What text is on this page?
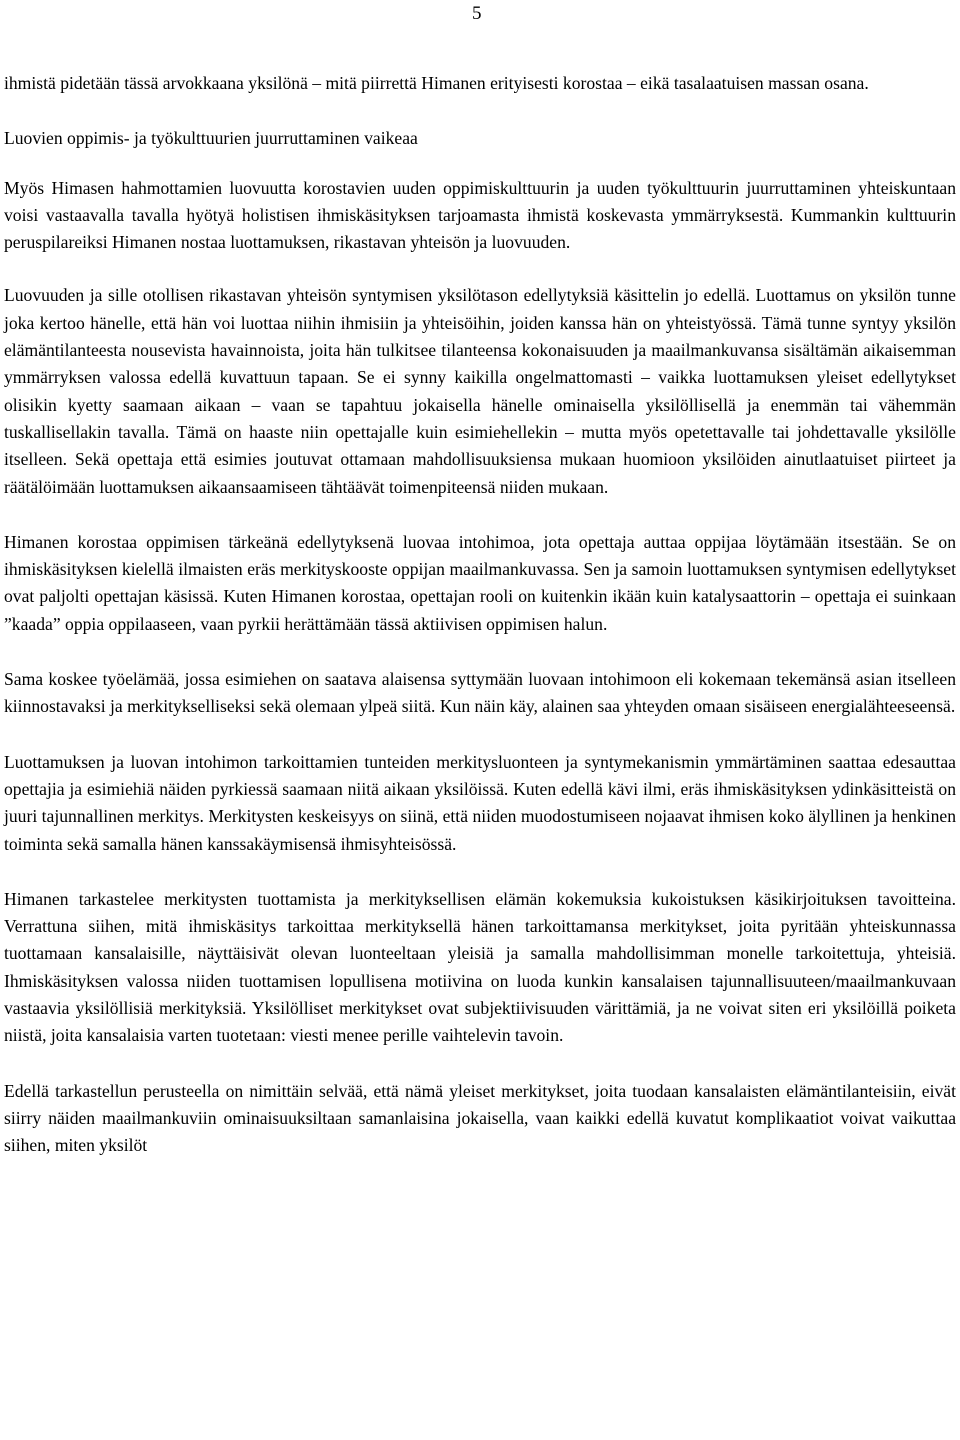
5

ihmistä pidetään tässä arvokkaana yksilönä – mitä piirrettä Himanen erityisesti korostaa – eikä tasalaatuisen massan osana.

Luovien oppimis- ja työkulttuurien juurruttaminen vaikeaa

Myös Himasen hahmottamien luovuutta korostavien uuden oppimiskulttuurin ja uuden työkulttuurin juurruttaminen yhteiskuntaan voisi vastaavalla tavalla hyötyä holistisen ihmiskäsityksen tarjoamasta ihmistä koskevasta ymmärryksestä. Kummankin kulttuurin peruspilareiksi Himanen nostaa luottamuksen, rikastavan yhteisön ja luovuuden.

Luovuuden ja sille otollisen rikastavan yhteisön syntymisen yksilötason edellytyksiä käsittelin jo edellä. Luottamus on yksilön tunne joka kertoo hänelle, että hän voi luottaa niihin ihmisiin ja yhteisöihin, joiden kanssa hän on yhteistyössä. Tämä tunne syntyy yksilön elämäntilanteesta nousevista havainnoista, joita hän tulkitsee tilanteensa kokonaisuuden ja maailmankuvansa sisältämän aikaisemman ymmärryksen valossa edellä kuvattuun tapaan. Se ei synny kaikilla ongelmattomasti – vaikka luottamuksen yleiset edellytykset olisikin kyetty saamaan aikaan – vaan se tapahtuu jokaisella hänelle ominaisella yksilöllisellä ja enemmän tai vähemmän tuskallisellakin tavalla. Tämä on haaste niin opettajalle kuin esimiehellekin – mutta myös opetettavalle tai johdettavalle yksilölle itselleen. Sekä opettaja että esimies joutuvat ottamaan mahdollisuuksiensa mukaan huomioon yksilöiden ainutlaatuiset piirteet ja räätälöimään luottamuksen aikaansaamiseen tähtäävät toimenpiteensä niiden mukaan.

Himanen korostaa oppimisen tärkeänä edellytyksenä luovaa intohimoa, jota opettaja auttaa oppijaa löytämään itsestään. Se on ihmiskäsityksen kielellä ilmaisten eräs merkityskooste oppijan maailmankuvassa. Sen ja samoin luottamuksen syntymisen edellytykset ovat paljolti opettajan käsissä. Kuten Himanen korostaa, opettajan rooli on kuitenkin ikään kuin katalysaattorin – opettaja ei suinkaan ”kaada” oppia oppilaaseen, vaan pyrkii herättämään tässä aktiivisen oppimisen halun.

Sama koskee työelämää, jossa esimiehen on saatava alaisensa syttymään luovaan intohimoon eli kokemaan tekemänsä asian itselleen kiinnostavaksi ja merkitykselliseksi sekä olemaan ylpeä siitä. Kun näin käy, alainen saa yhteyden omaan sisäiseen energialähteeseensä.

Luottamuksen ja luovan intohimon tarkoittamien tunteiden merkitysluonteen ja syntymekanismin ymmärtäminen saattaa edesauttaa opettajia ja esimiehiä näiden pyrkiessä saamaan niitä aikaan yksilöissä. Kuten edellä kävi ilmi, eräs ihmiskäsityksen ydinkäsitteistä on juuri tajunnallinen merkitys. Merkitysten keskeisyys on siinä, että niiden muodostumiseen nojaavat ihmisen koko älyllinen ja henkinen toiminta sekä samalla hänen kanssakäymisensä ihmisyhteisössä.

Himanen tarkastelee merkitysten tuottamista ja merkityksellisen elämän kokemuksia kukoistuksen käsikirjoituksen tavoitteina. Verrattuna siihen, mitä ihmiskäsitys tarkoittaa merkityksellä hänen tarkoittamansa merkitykset, joita pyritään yhteiskunnassa tuottamaan kansalaisille, näyttäisivät olevan luonteeltaan yleisiä ja samalla mahdollisimman monelle tarkoitettuja, yhteisiä. Ihmiskäsityksen valossa niiden tuottamisen lopullisena motiivina on luoda kunkin kansalaisen tajunnallisuuteen/maailmankuvaan vastaavia yksilöllisiä merkityksiä. Yksilölliset merkitykset ovat subjektiivisuuden värittämiä, ja ne voivat siten eri yksilöillä poiketa niistä, joita kansalaisia varten tuotetaan: viesti menee perille vaihtelevin tavoin.

Edellä tarkastellun perusteella on nimittäin selvää, että nämä yleiset merkitykset, joita tuodaan kansalaisten elämäntilanteisiin, eivät siirry näiden maailmankuviin ominaisuuksiltaan samanlaisina jokaisella, vaan kaikki edellä kuvatut komplikaatiot voivat vaikuttaa siihen, miten yksilöt
